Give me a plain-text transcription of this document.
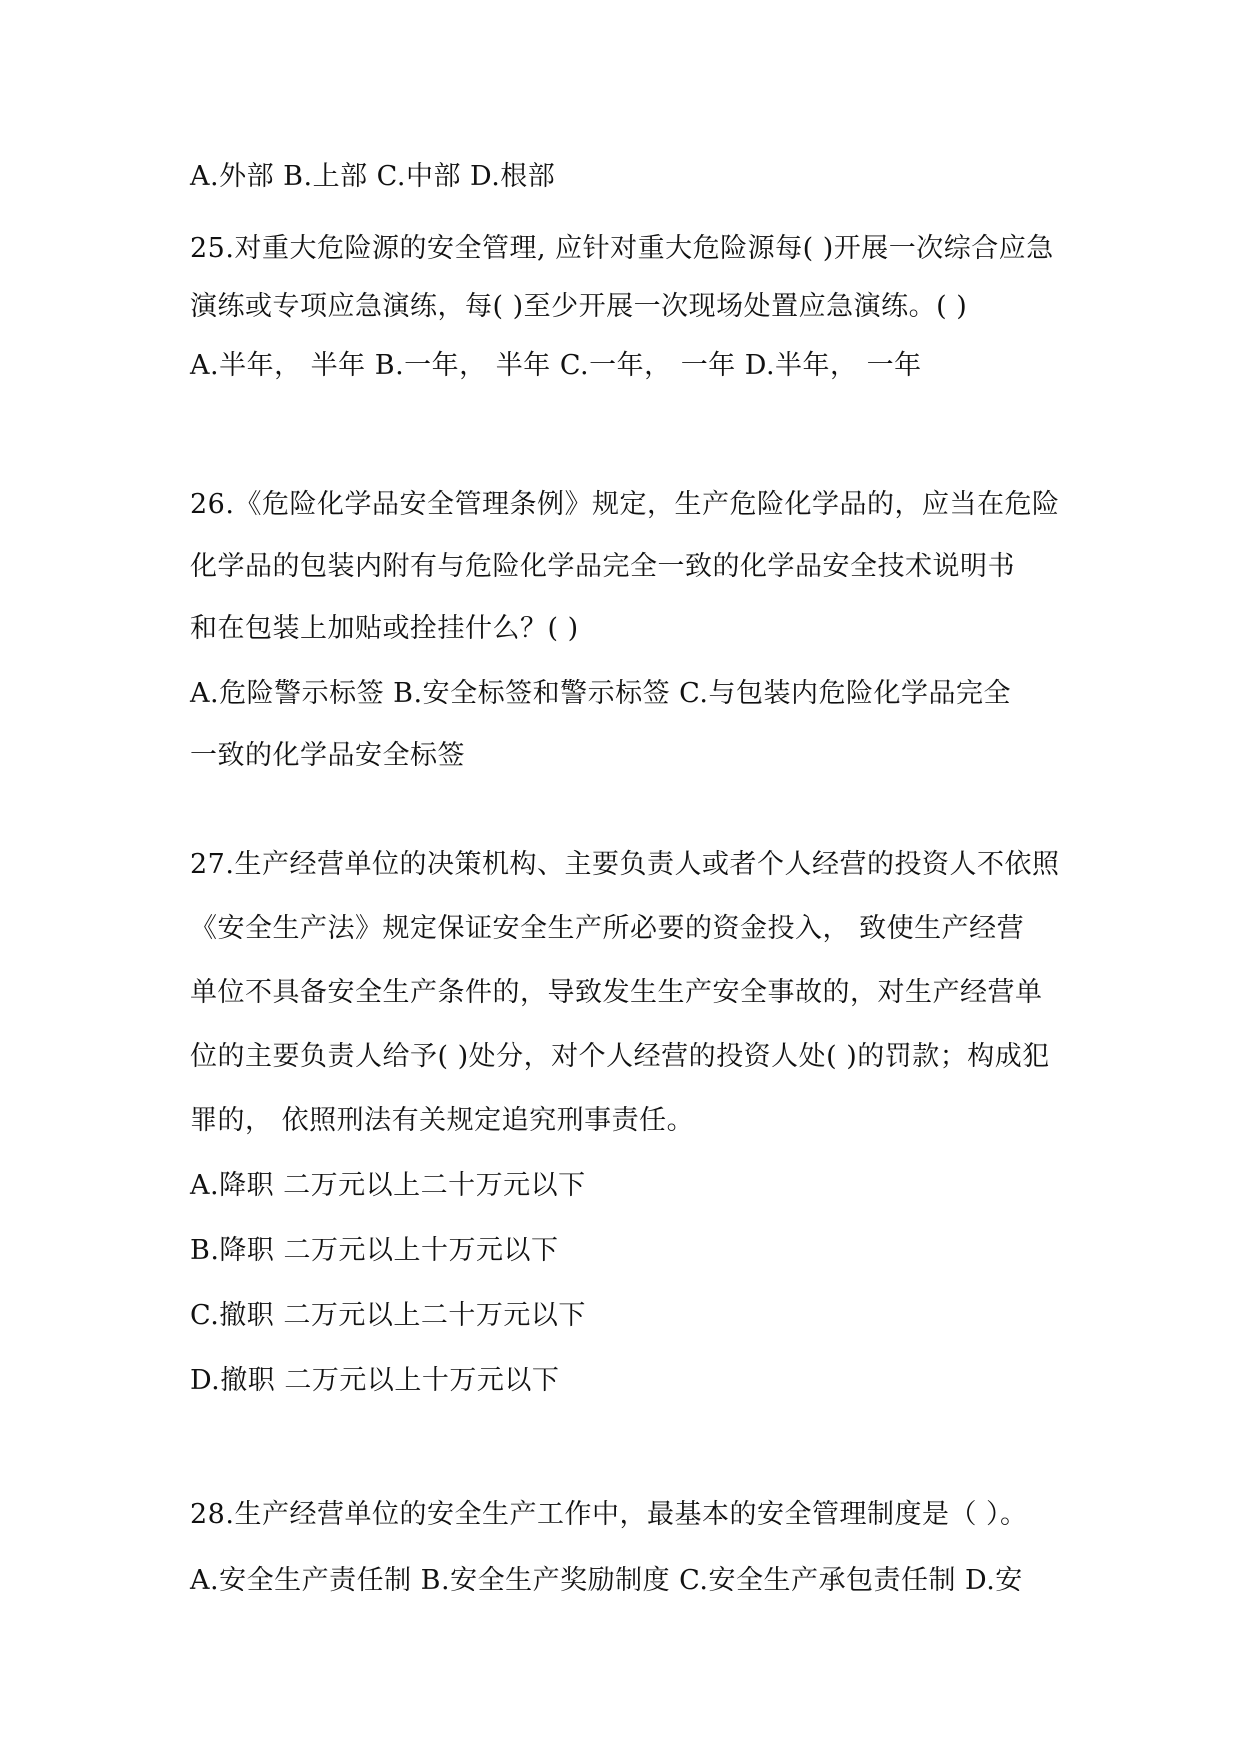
A.外部 B.上部 C.中部 D.根部
25.对重大危险源的安全管理, 应针对重大危险源每( )开展一次综合应急
演练或专项应急演练，每( )至少开展一次现场处置应急演练。( )
A.半年， 半年 B.一年， 半年 C.一年， 一年 D.半年， 一年
26.《危险化学品安全管理条例》规定，生产危险化学品的，应当在危险
化学品的包装内附有与危险化学品完全一致的化学品安全技术说明书
和在包装上加贴或拴挂什么？( )
A.危险警示标签 B.安全标签和警示标签 C.与包装内危险化学品完全
一致的化学品安全标签
27.生产经营单位的决策机构、主要负责人或者个人经营的投资人不依照
《安全生产法》规定保证安全生产所必要的资金投入， 致使生产经营
单位不具备安全生产条件的，导致发生生产安全事故的，对生产经营单
位的主要负责人给予( )处分，对个人经营的投资人处( )的罚款；构成犯
罪的， 依照刑法有关规定追究刑事责任。
A.降职 二万元以上二十万元以下
B.降职 二万元以上十万元以下
C.撤职 二万元以上二十万元以下
D.撤职 二万元以上十万元以下
28.生产经营单位的安全生产工作中，最基本的安全管理制度是（ ）。
A.安全生产责任制 B.安全生产奖励制度 C.安全生产承包责任制 D.安
